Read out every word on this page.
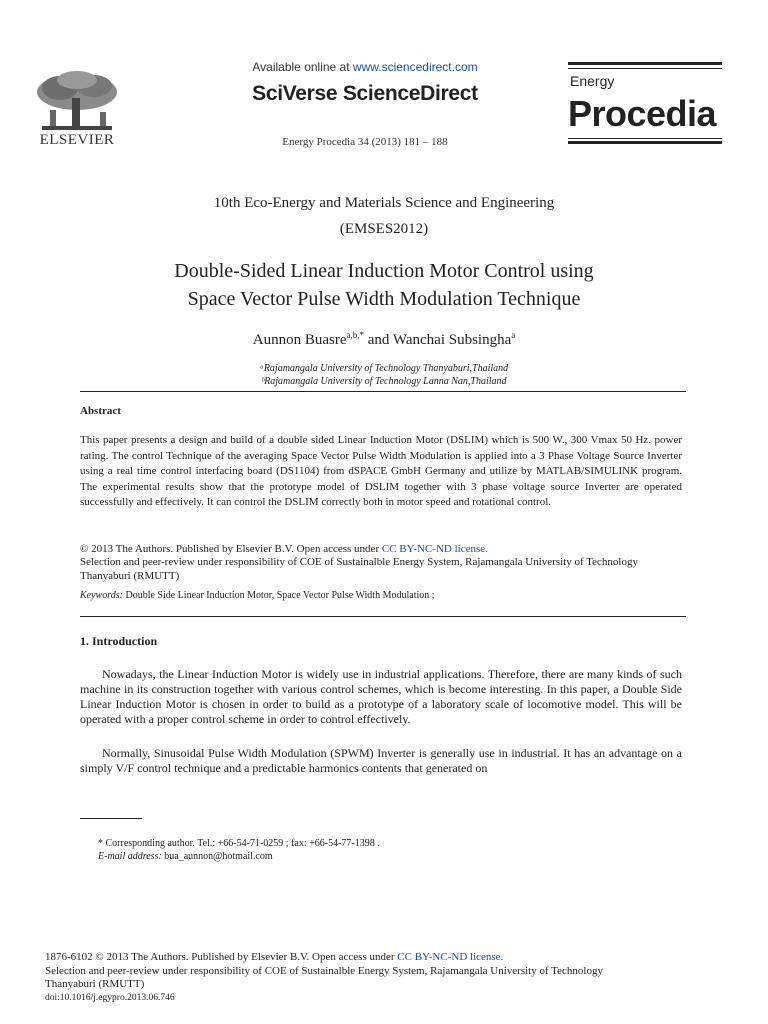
ELSEVIER
Available online at www.sciencedirect.com
SciVerse ScienceDirect
Energy Procedia 34 (2013) 181 – 188
Energy
Procedia
10th Eco-Energy and Materials Science and Engineering
(EMSES2012)
Double-Sided Linear Induction Motor Control using
Space Vector Pulse Width Modulation Technique
Aunnon Buasre$^{a,b,*}$ and Wanchai Subsingha$^a$
ᵃRajamangala University of Technology Thanyaburi,Thailand
ᵇRajamangala University of Technology Lanna Nan,Thailand
Abstract
This paper presents a design and build of a double sided Linear Induction Motor (DSLIM) which is 500 W., 300 Vmax 50 Hz. power rating. The control Technique of the averaging Space Vector Pulse Width Modulation is applied into a 3 Phase Voltage Source Inverter using a real time control interfacing board (DS1104) from dSPACE GmbH Germany and utilize by MATLAB/SIMULINK program. The experimental results show that the prototype model of DSLIM together with 3 phase voltage source Inverter are operated successfully and effectively. It can control the DSLIM correctly both in motor speed and rotational control.
© 2013 The Authors. Published by Elsevier B.V. Open access under CC BY-NC-ND license.
Selection and peer-review under responsibility of COE of Sustainalble Energy System, Rajamangala University of Technology Thanyaburi (RMUTT)
Keywords: Double Side Linear Induction Motor, Space Vector Pulse Width Modulation ;
1. Introduction
Nowadays, the Linear Induction Motor is widely use in industrial applications. Therefore, there are many kinds of such machine in its construction together with various control schemes, which is become interesting. In this paper, a Double Side Linear Induction Motor is chosen in order to build as a prototype of a laboratory scale of locomotive model. This will be operated with a proper control scheme in order to control effectively.
Normally, Sinusoidal Pulse Width Modulation (SPWM) Inverter is generally use in industrial. It has an advantage on a simply V/F control technique and a predictable harmonics contents that generated on
* Corresponding author. Tel.: +66-54-71-0259 ; fax: +66-54-77-1398 .
E-mail address: bua_aunnon@hotmail.com
1876-6102 © 2013 The Authors. Published by Elsevier B.V. Open access under CC BY-NC-ND license.
Selection and peer-review under responsibility of COE of Sustainalble Energy System, Rajamangala University of Technology
Thanyaburi (RMUTT)
doi:10.1016/j.egypro.2013.06.746
